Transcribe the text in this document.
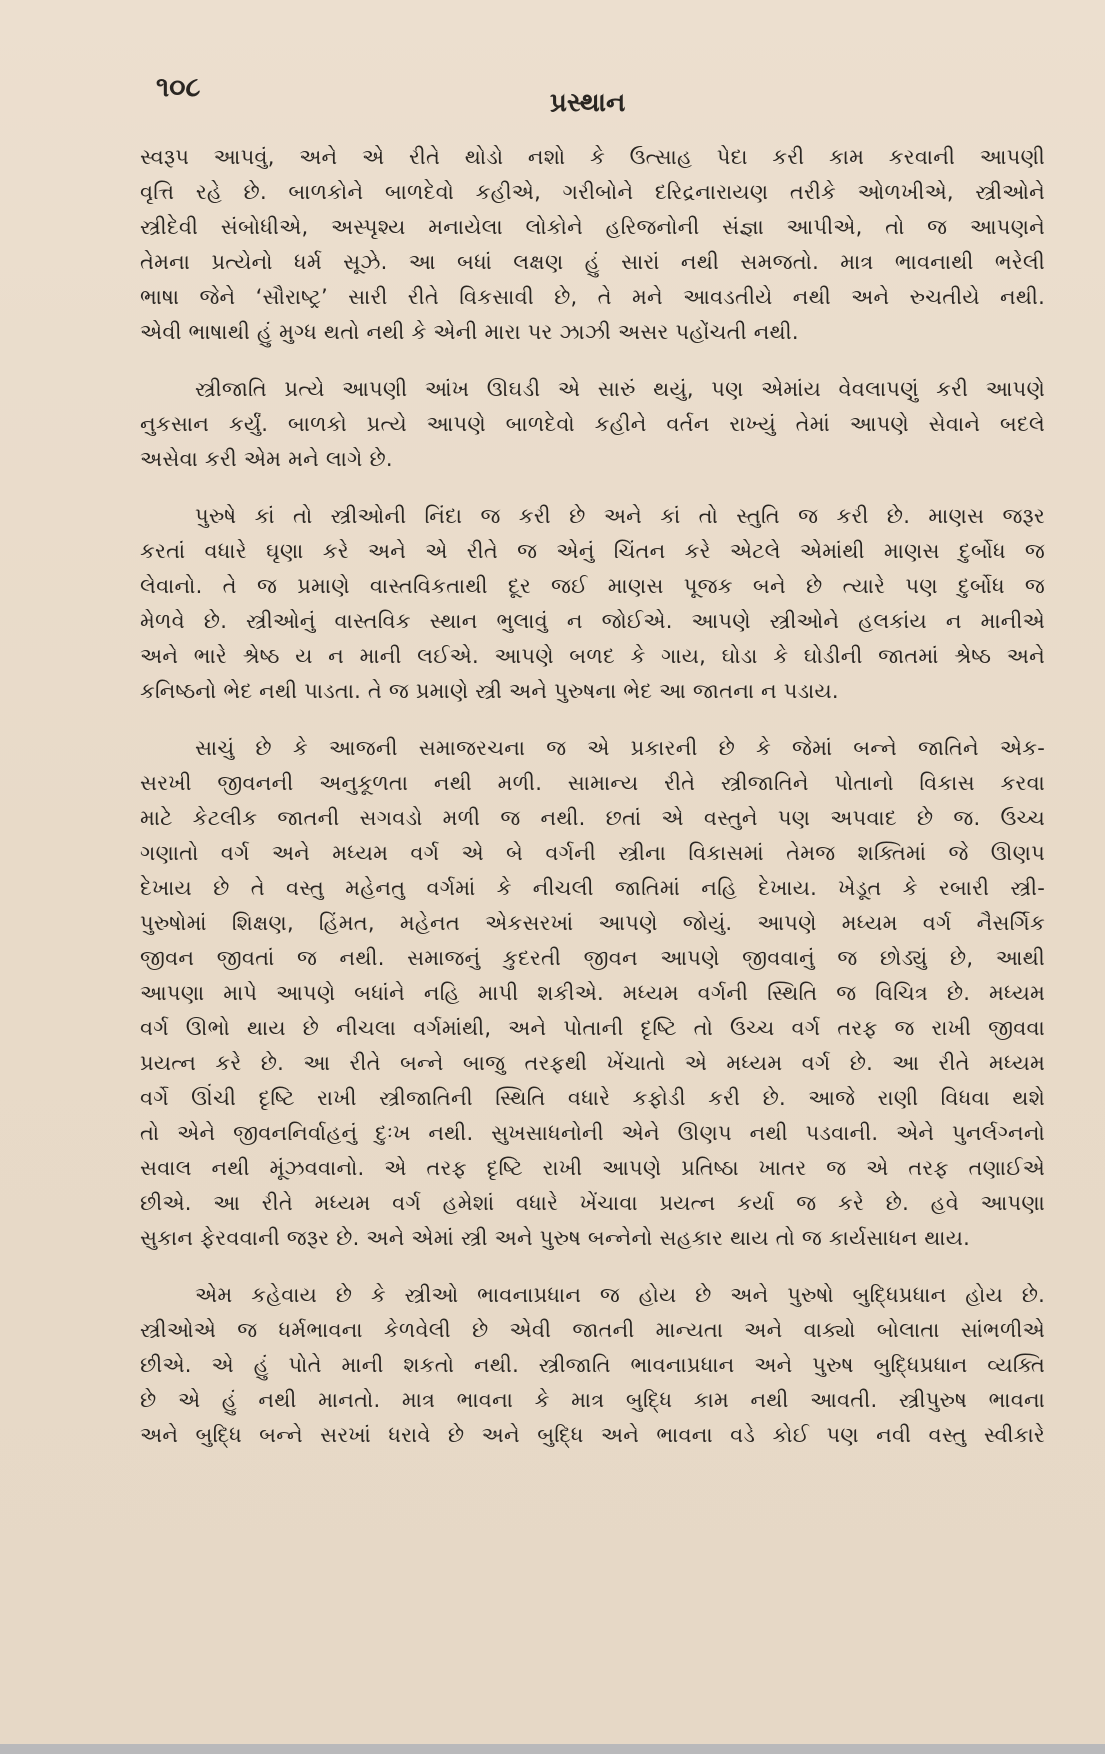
૧૦૮	પ્રસ્થાન

સ્વરૂપ આપવું, અને એ રીતે થોડો નશો કે ઉત્સાહ પેદા કરી કામ કરવાની આપણી
વૃત્તિ રહે છે. બાળકોને બાળદેવો કહીએ, ગરીબોને દરિદ્રનારાયણ તરીકે ઓળખીએ, સ્ત્રીઓને
સ્ત્રીદેવી સંબોધીએ, અસ્પૃશ્ય મનાયેલા લોકોને હરિજનોની સંજ્ઞા આપીએ, તો જ આપણને
તેમના પ્રત્યેનો ધર્મ સૂઝે. આ બધાં લક્ષણ હું સારાં નથી સમજતો. માત્ર ભાવનાથી ભરેલી
ભાષા જેને ‘સૌરાષ્ટ્ર’ સારી રીતે વિકસાવી છે, તે મને આવડતીયે નથી અને રુચતીયે નથી.
એવી ભાષાથી હું મુગ્ધ થતો નથી કે એની મારા પર ઝાઝી અસર પહોંચતી નથી.

સ્ત્રીજાતિ પ્રત્યે આપણી આંખ ઊઘડી એ સારું થયું, પણ એમાંય વેવલાપણું કરી આપણે
નુકસાન કર્યું. બાળકો પ્રત્યે આપણે બાળદેવો કહીને વર્તન રાખ્યું તેમાં આપણે સેવાને બદલે
અસેવા કરી એમ મને લાગે છે.

પુરુષે કાં તો સ્ત્રીઓની નિંદા જ કરી છે અને કાં તો સ્તુતિ જ કરી છે. માણસ જરૂર
કરતાં વધારે ઘૃણા કરે અને એ રીતે જ એનું ચિંતન કરે એટલે એમાંથી માણસ દુર્બોધ જ
લેવાનો. તે જ પ્રમાણે વાસ્તવિકતાથી દૂર જઈ માણસ પૂજક બને છે ત્યારે પણ દુર્બોધ જ
મેળવે છે. સ્ત્રીઓનું વાસ્તવિક સ્થાન ભુલાવું ન જોઈએ. આપણે સ્ત્રીઓને હલકાંય ન માનીએ
અને ભારે શ્રેષ્ઠ ય ન માની લઈએ. આપણે બળદ કે ગાય, ઘોડા કે ઘોડીની જાતમાં શ્રેષ્ઠ અને
કનિષ્ઠનો ભેદ નથી પાડતા. તે જ પ્રમાણે સ્ત્રી અને પુરુષના ભેદ આ જાતના ન પડાય.

સાચું છે કે આજની સમાજરચના જ એ પ્રકારની છે કે જેમાં બન્ને જાતિને એક-
સરખી જીવનની અનુકૂળતા નથી મળી. સામાન્ય રીતે સ્ત્રીજાતિને પોતાનો વિકાસ કરવા
માટે કેટલીક જાતની સગવડો મળી જ નથી. છતાં એ વસ્તુને પણ અપવાદ છે જ. ઉચ્ચ
ગણાતો વર્ગ અને મધ્યમ વર્ગ એ બે વર્ગની સ્ત્રીના વિકાસમાં તેમજ શક્તિમાં જે ઊણપ
દેખાય છે તે વસ્તુ મહેનતુ વર્ગમાં કે નીચલી જાતિમાં નહિ દેખાય. ખેડૂત કે રબારી સ્ત્રી-
પુરુષોમાં શિક્ષણ, હિંમત, મહેનત એકસરખાં આપણે જોયું. આપણે મધ્યમ વર્ગ નૈસર્ગિક
જીવન જીવતાં જ નથી. સમાજનું કુદરતી જીવન આપણે જીવવાનું જ છોડ્યું છે, આથી
આપણા માપે આપણે બધાંને નહિ માપી શકીએ. મધ્યમ વર્ગની સ્થિતિ જ વિચિત્ર છે. મધ્યમ
વર્ગ ઊભો થાય છે નીચલા વર્ગમાંથી, અને પોતાની દૃષ્ટિ તો ઉચ્ચ વર્ગ તરફ જ રાખી જીવવા
પ્રયત્ન કરે છે. આ રીતે બન્ને બાજુ તરફથી ખેંચાતો એ મધ્યમ વર્ગ છે. આ રીતે મધ્યમ
વર્ગે ઊંચી દૃષ્ટિ રાખી સ્ત્રીજાતિની સ્થિતિ વધારે કફોડી કરી છે. આજે રાણી વિધવા થશે
તો એને જીવનનિર્વાહનું દુઃખ નથી. સુખસાધનોની એને ઊણપ નથી પડવાની. એને પુનર્લગ્નનો
સવાલ નથી મૂંઝવવાનો. એ તરફ દૃષ્ટિ રાખી આપણે પ્રતિષ્ઠા ખાતર જ એ તરફ તણાઈએ
છીએ. આ રીતે મધ્યમ વર્ગ હમેશાં વધારે ખેંચાવા પ્રયત્ન કર્યા જ કરે છે. હવે આપણા
સુકાન ફેરવવાની જરૂર છે. અને એમાં સ્ત્રી અને પુરુષ બન્નેનો સહકાર થાય તો જ કાર્યસાધન થાય.

એમ કહેવાય છે કે સ્ત્રીઓ ભાવનાપ્રધાન જ હોય છે અને પુરુષો બુદ્ધિપ્રધાન હોય છે.
સ્ત્રીઓએ જ ધર્મભાવના કેળવેલી છે એવી જાતની માન્યતા અને વાક્યો બોલાતા સાંભળીએ
છીએ. એ હું પોતે માની શકતો નથી. સ્ત્રીજાતિ ભાવનાપ્રધાન અને પુરુષ બુદ્ધિપ્રધાન વ્યક્તિ
છે એ હું નથી માનતો. માત્ર ભાવના કે માત્ર બુદ્ધિ કામ નથી આવતી. સ્ત્રીપુરુષ ભાવના
અને બુદ્ધિ બન્ને સરખાં ધરાવે છે અને બુદ્ધિ અને ભાવના વડે કોઈ પણ નવી વસ્તુ સ્વીકારે
